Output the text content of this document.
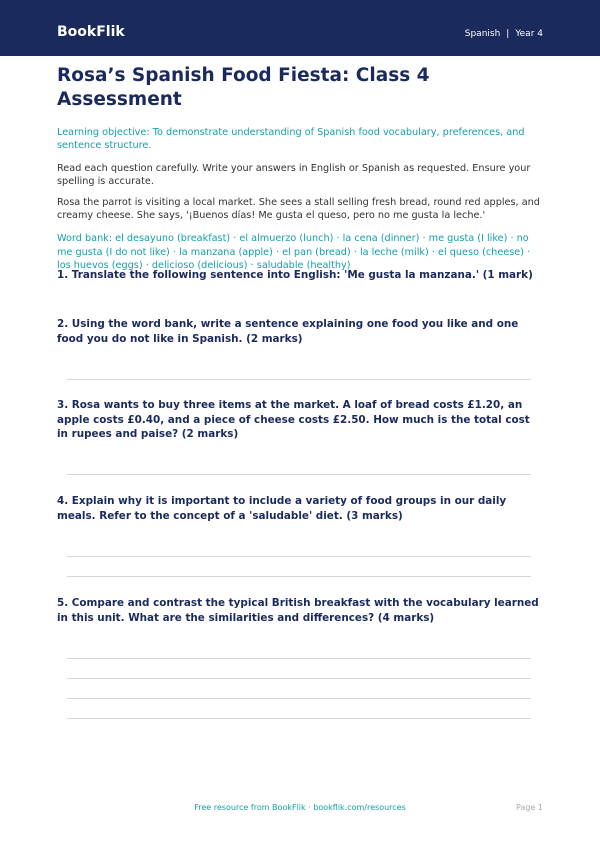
BookFlik	Spanish | Year 4
Rosa’s Spanish Food Fiesta: Class 4 Assessment

Learning objective: To demonstrate understanding of Spanish food vocabulary, preferences, and sentence structure.

Read each question carefully. Write your answers in English or Spanish as requested. Ensure your spelling is accurate.

Rosa the parrot is visiting a local market. She sees a stall selling fresh bread, round red apples, and creamy cheese. She says, '¡Buenos días! Me gusta el queso, pero no me gusta la leche.'

Word bank: el desayuno (breakfast) · el almuerzo (lunch) · la cena (dinner) · me gusta (I like) · no me gusta (I do not like) · la manzana (apple) · el pan (bread) · la leche (milk) · el queso (cheese) · los huevos (eggs) · delicioso (delicious) · saludable (healthy)

1. Translate the following sentence into English: 'Me gusta la manzana.' (1 mark)

2. Using the word bank, write a sentence explaining one food you like and one food you do not like in Spanish. (2 marks)

3. Rosa wants to buy three items at the market. A loaf of bread costs £1.20, an apple costs £0.40, and a piece of cheese costs £2.50. How much is the total cost in rupees and paise? (2 marks)

4. Explain why it is important to include a variety of food groups in our daily meals. Refer to the concept of a 'saludable' diet. (3 marks)

5. Compare and contrast the typical British breakfast with the vocabulary learned in this unit. What are the similarities and differences? (4 marks)

Free resource from BookFlik · bookflik.com/resources	Page 1
